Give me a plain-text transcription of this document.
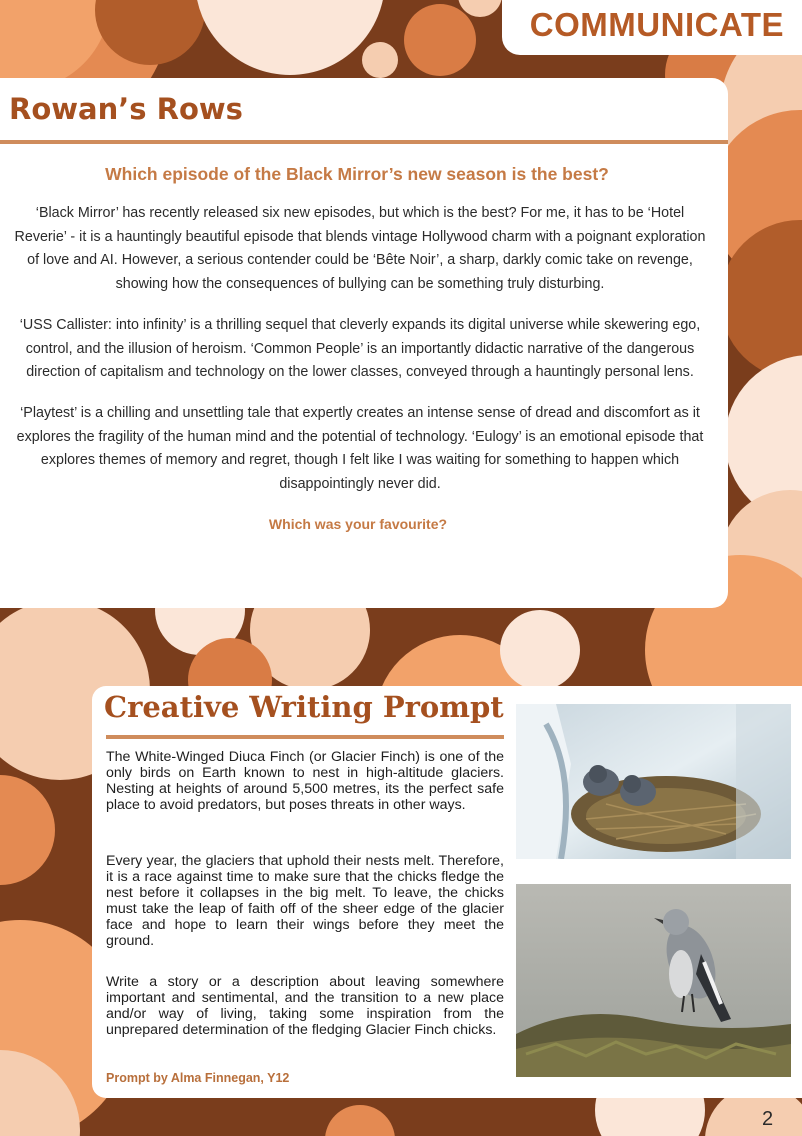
COMMUNICATE
Rowan’s Rows
Which episode of the Black Mirror’s new season is the best?

‘Black Mirror’ has recently released six new episodes, but which is the best? For me, it has to be ‘Hotel Reverie’ - it is a hauntingly beautiful episode that blends vintage Hollywood charm with a poignant exploration of love and AI. However, a serious contender could be ‘Bête Noir’, a sharp, darkly comic take on revenge, showing how the consequences of bullying can be something truly disturbing.

‘USS Callister: into infinity’ is a thrilling sequel that cleverly expands its digital universe while skewering ego, control, and the illusion of heroism. ‘Common People’ is an importantly didactic narrative of the dangerous direction of capitalism and technology on the lower classes, conveyed through a hauntingly personal lens.

‘Playtest’ is a chilling and unsettling tale that expertly creates an intense sense of dread and discomfort as it explores the fragility of the human mind and the potential of technology. ‘Eulogy’ is an emotional episode that explores themes of memory and regret, though I felt like I was waiting for something to happen which disappointingly never did.

Which was your favourite?
Creative Writing Prompt

The White-Winged Diuca Finch (or Glacier Finch) is one of the only birds on Earth known to nest in high-altitude glaciers. Nesting at heights of around 5,500 metres, its the perfect safe place to avoid predators, but poses threats in other ways.

Every year, the glaciers that uphold their nests melt. Therefore, it is a race against time to make sure that the chicks fledge the nest before it collapses in the big melt. To leave, the chicks must take the leap of faith off of the sheer edge of the glacier face and hope to learn their wings before they meet the ground.

Write a story or a description about leaving somewhere important and sentimental, and the transition to a new place and/or way of living, taking some inspiration from the unprepared determination of the fledging Glacier Finch chicks.

Prompt by Alma Finnegan, Y12
2
